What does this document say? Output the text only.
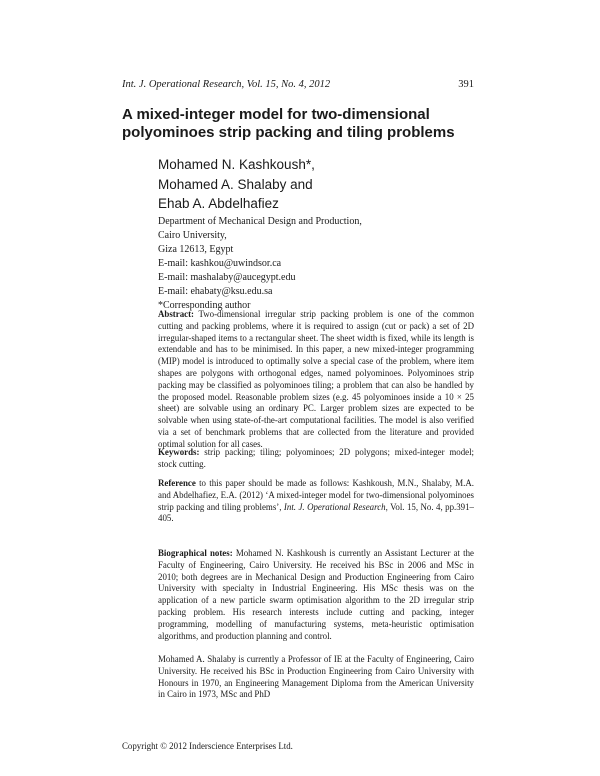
Int. J. Operational Research, Vol. 15, No. 4, 2012	391
A mixed-integer model for two-dimensional polyominoes strip packing and tiling problems
Mohamed N. Kashkoush*,
Mohamed A. Shalaby and
Ehab A. Abdelhafiez
Department of Mechanical Design and Production,
Cairo University,
Giza 12613, Egypt
E-mail: kashkou@uwindsor.ca
E-mail: mashalaby@aucegypt.edu
E-mail: ehabaty@ksu.edu.sa
*Corresponding author
Abstract: Two-dimensional irregular strip packing problem is one of the common cutting and packing problems, where it is required to assign (cut or pack) a set of 2D irregular-shaped items to a rectangular sheet. The sheet width is fixed, while its length is extendable and has to be minimised. In this paper, a new mixed-integer programming (MIP) model is introduced to optimally solve a special case of the problem, where item shapes are polygons with orthogonal edges, named polyominoes. Polyominoes strip packing may be classified as polyominoes tiling; a problem that can also be handled by the proposed model. Reasonable problem sizes (e.g. 45 polyominoes inside a 10 × 25 sheet) are solvable using an ordinary PC. Larger problem sizes are expected to be solvable when using state-of-the-art computational facilities. The model is also verified via a set of benchmark problems that are collected from the literature and provided optimal solution for all cases.
Keywords: strip packing; tiling; polyominoes; 2D polygons; mixed-integer model; stock cutting.
Reference to this paper should be made as follows: Kashkoush, M.N., Shalaby, M.A. and Abdelhafiez, E.A. (2012) ‘A mixed-integer model for two-dimensional polyominoes strip packing and tiling problems’, Int. J. Operational Research, Vol. 15, No. 4, pp.391–405.
Biographical notes: Mohamed N. Kashkoush is currently an Assistant Lecturer at the Faculty of Engineering, Cairo University. He received his BSc in 2006 and MSc in 2010; both degrees are in Mechanical Design and Production Engineering from Cairo University with specialty in Industrial Engineering. His MSc thesis was on the application of a new particle swarm optimisation algorithm to the 2D irregular strip packing problem. His research interests include cutting and packing, integer programming, modelling of manufacturing systems, meta-heuristic optimisation algorithms, and production planning and control.
Mohamed A. Shalaby is currently a Professor of IE at the Faculty of Engineering, Cairo University. He received his BSc in Production Engineering from Cairo University with Honours in 1970, an Engineering Management Diploma from the American University in Cairo in 1973, MSc and PhD
Copyright © 2012 Inderscience Enterprises Ltd.
